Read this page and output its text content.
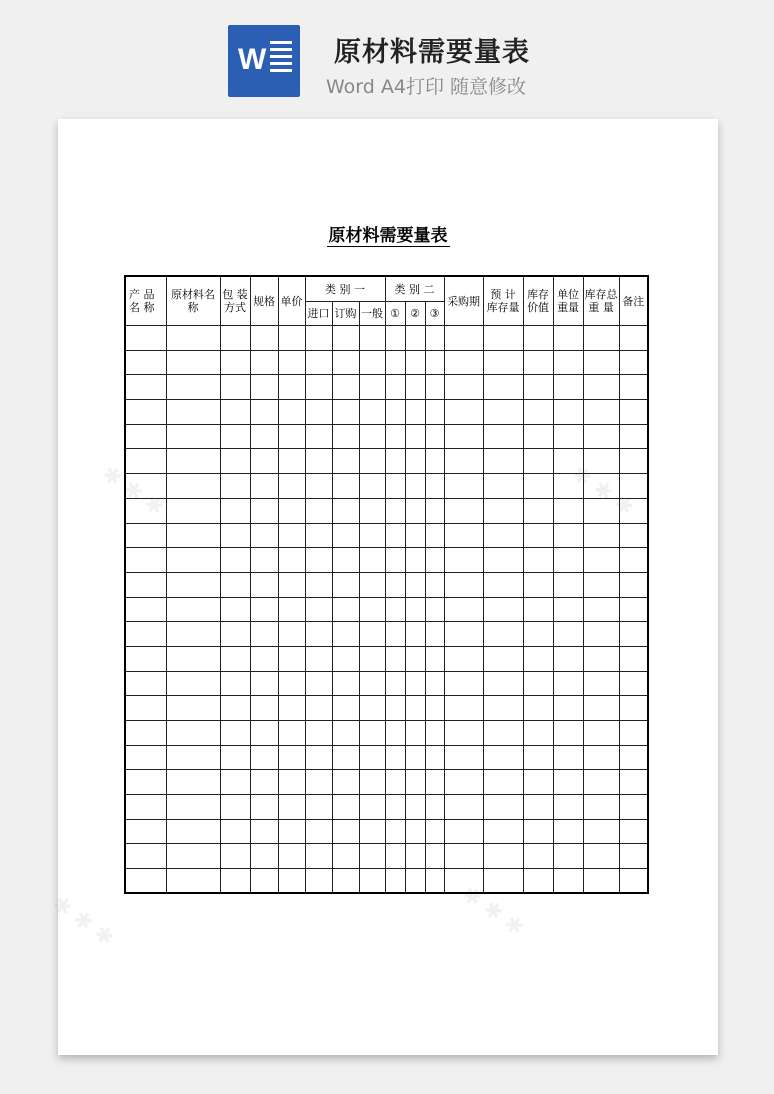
W	原材料需要量表
Word A4打印 随意修改
✱ ✱ ✱	✱ ✱ ✱
✱ ✱ ✱	✱ ✱ ✱
原材料需要量表
产 品 名 称	原材料名称	包 装 方式	规格	单价	类 别 一			类 别 二			采购期	预 计 库存量	库存 价值	单位 重量	库存总 重 量	备注
					进口	订购	一般	①	②	③						
